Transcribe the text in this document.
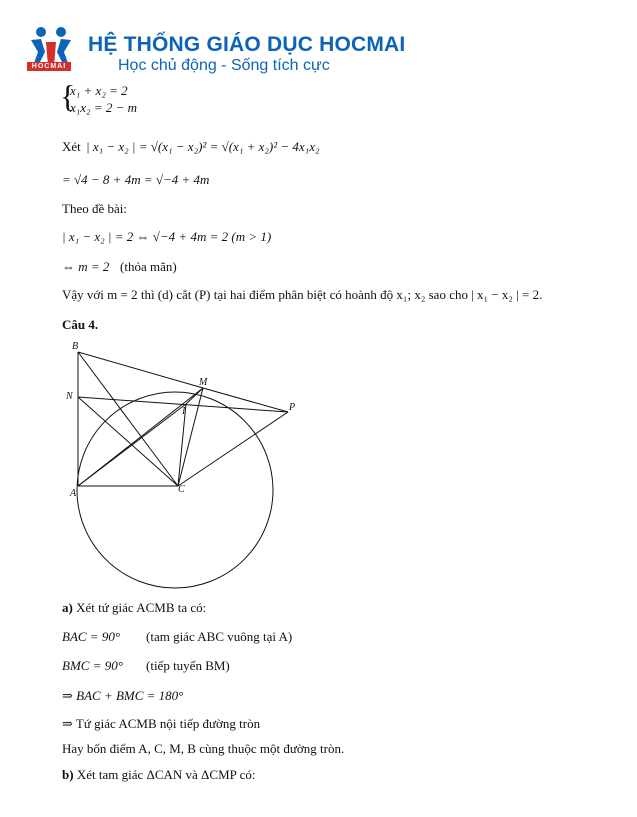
HOCMAI
HỆ THỐNG GIÁO DỤC HOCMAI
Học chủ động - Sống tích cực
{
x₁ + x₂ = 2
x₁x₂ = 2 − m
Xét | x₁ − x₂ | = √(x₁ − x₂)² = √(x₁ + x₂)² − 4x₁x₂
= √4 − 8 + 4m = √−4 + 4m
Theo đề bài:
| x₁ − x₂ | = 2 ⇔ √−4 + 4m = 2 (m > 1)
⇔ m = 2 (thỏa mãn)
Vậy với m = 2 thì (d) cắt (P) tại hai điểm phân biệt có hoành độ x₁; x₂ sao cho | x₁ − x₂ | = 2.
Câu 4.
B
N
A	C
M
I	P
a) Xét tứ giác ACMB ta có:
BAC = 90° (tam giác ABC vuông tại A)
BMC = 90° (tiếp tuyến BM)
⇒ BAC + BMC = 180°
⇒ Tứ giác ACMB nội tiếp đường tròn
Hay bốn điểm A, C, M, B cùng thuộc một đường tròn.
b) Xét tam giác ΔCAN và ΔCMP có:
